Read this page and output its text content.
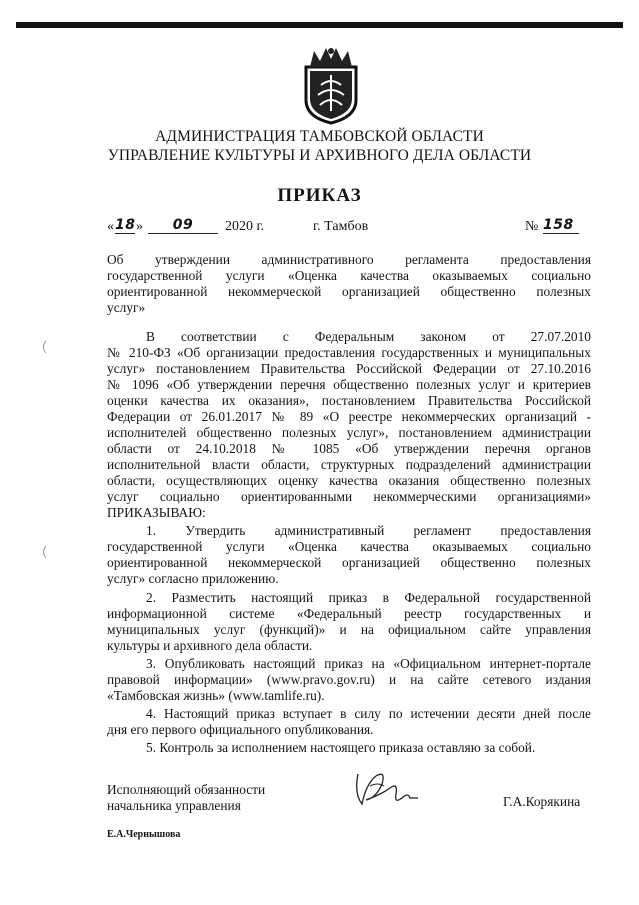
АДМИНИСТРАЦИЯ ТАМБОВСКОЙ ОБЛАСТИ
УПРАВЛЕНИЕ КУЛЬТУРЫ И АРХИВНОГО ДЕЛА ОБЛАСТИ
ПРИКАЗ
« 18 »	09	2020 г.	г. Тамбов	№ 158
Об утверждении административного регламента предоставления
государственной услуги «Оценка качества оказываемых социально
ориентированной некоммерческой организацией общественно полезных
услуг»
В соответствии с Федеральным законом от 27.07.2010
№ 210-ФЗ «Об организации предоставления государственных и муниципальных
услуг» постановлением Правительства Российской Федерации от 27.10.2016
№ 1096 «Об утверждении перечня общественно полезных услуг и критериев
оценки качества их оказания», постановлением Правительства Российской
Федерации от 26.01.2017 № 89 «О реестре некоммерческих организаций -
исполнителей общественно полезных услуг», постановлением администрации
области от 24.10.2018 № 1085 «Об утверждении перечня органов
исполнительной власти области, структурных подразделений администрации
области, осуществляющих оценку качества оказания общественно полезных
услуг социально ориентированными некоммерческими организациями»
ПРИКАЗЫВАЮ:
1. Утвердить административный регламент предоставления
государственной услуги «Оценка качества оказываемых социально
ориентированной некоммерческой организацией общественно полезных
услуг» согласно приложению.
2. Разместить настоящий приказ в Федеральной государственной
информационной системе «Федеральный реестр государственных и
муниципальных услуг (функций)» и на официальном сайте управления
культуры и архивного дела области.
3. Опубликовать настоящий приказ на «Официальном интернет-портале
правовой информации» (www.pravo.gov.ru) и на сайте сетевого издания
«Тамбовская жизнь» (www.tamlife.ru).
4. Настоящий приказ вступает в силу по истечении десяти дней после
дня его первого официального опубликования.
5. Контроль за исполнением настоящего приказа оставляю за собой.
Исполняющий обязанности
начальника управления	Г.А.Корякина
Е.А.Чернышова
